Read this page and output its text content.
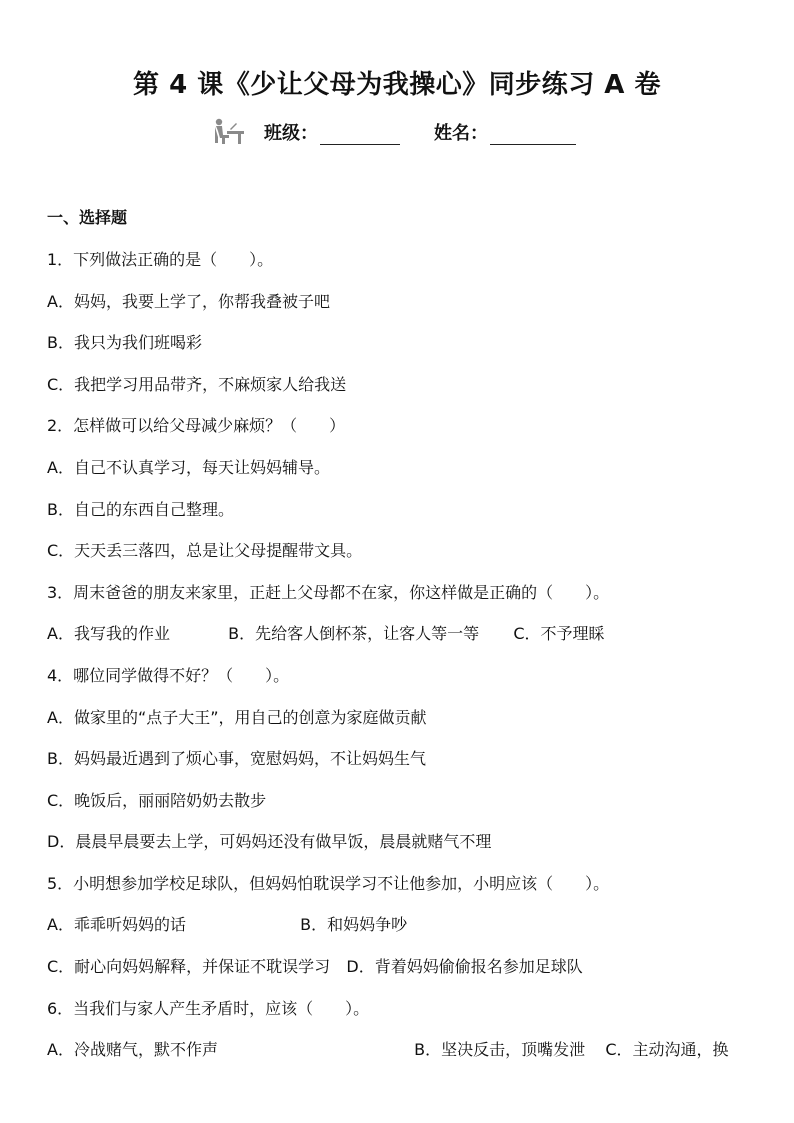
第 4 课《少让父母为我操心》同步练习 A 卷
班级：	姓名：
一、选择题
1．下列做法正确的是（　　）。
A．妈妈，我要上学了，你帮我叠被子吧
B．我只为我们班喝彩
C．我把学习用品带齐，不麻烦家人给我送
2．怎样做可以给父母减少麻烦？（　　）
A．自己不认真学习，每天让妈妈辅导。
B．自己的东西自己整理。
C．天天丢三落四，总是让父母提醒带文具。
3．周末爸爸的朋友来家里，正赶上父母都不在家，你这样做是正确的（　　）。
A．我写我的作业	B．先给客人倒杯茶，让客人等一等 C．不予理睬
4．哪位同学做得不好？（　　）。
A．做家里的“点子大王”，用自己的创意为家庭做贡献
B．妈妈最近遇到了烦心事，宽慰妈妈，不让妈妈生气
C．晚饭后，丽丽陪奶奶去散步
D．晨晨早晨要去上学，可妈妈还没有做早饭，晨晨就赌气不理
5．小明想参加学校足球队，但妈妈怕耽误学习不让他参加，小明应该（　　）。
A．乖乖听妈妈的话	B．和妈妈争吵
C．耐心向妈妈解释，并保证不耽误学习 D．背着妈妈偷偷报名参加足球队
6．当我们与家人产生矛盾时，应该（　　）。
A．冷战赌气，默不作声	B．坚决反击，顶嘴发泄 C．主动沟通，换
